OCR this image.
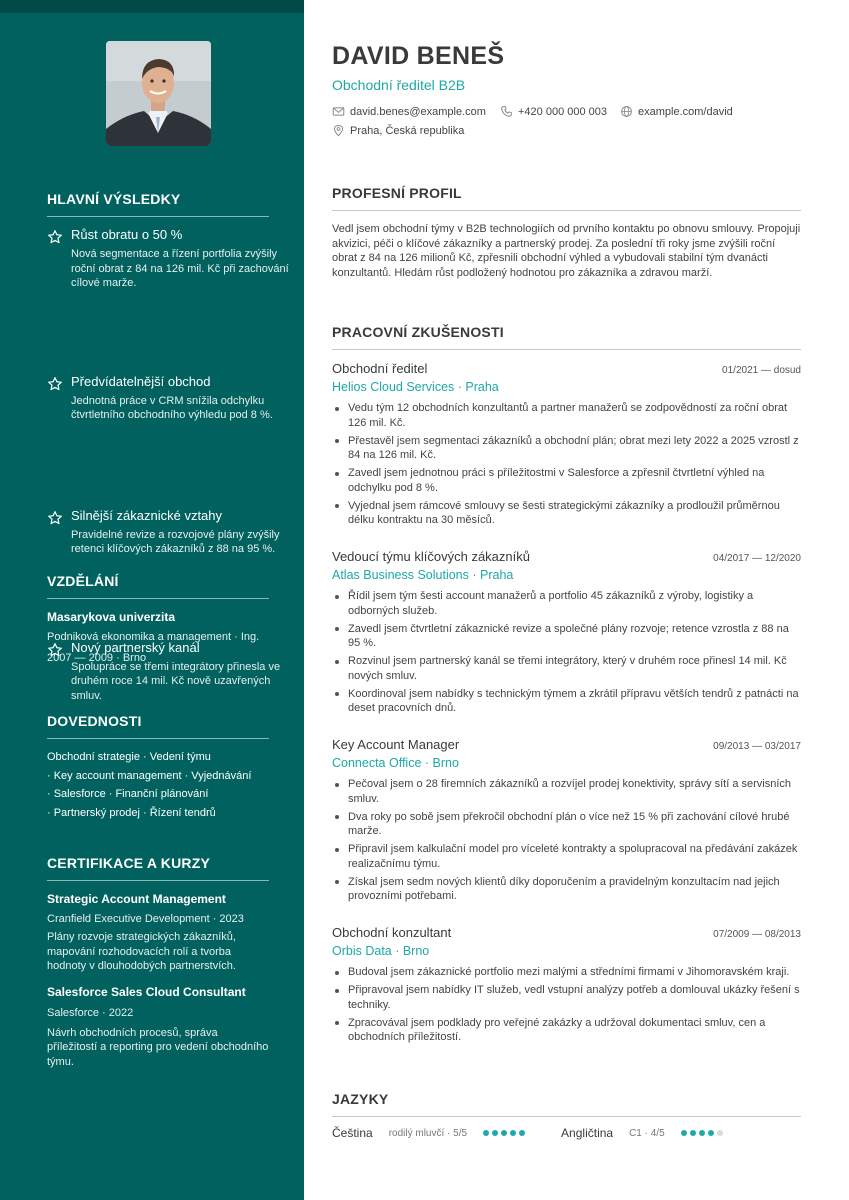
HLAVNÍ VÝSLEDKY

Růst obratu o 50 %

Nová segmentace a řízení portfolia zvýšily roční obrat z 84 na 126 mil. Kč při zachování cílové marže.

Předvídatelnější obchod

Jednotná práce v CRM snížila odchylku čtvrtletního obchodního výhledu pod 8 %.

Silnější zákaznické vztahy

Pravidelné revize a rozvojové plány zvýšily retenci klíčových zákazníků z 88 na 95 %.

Nový partnerský kanál

Spolupráce se třemi integrátory přinesla ve druhém roce 14 mil. Kč nově uzavřených smluv.

VZDĚLÁNÍ

Masarykova univerzita

Podniková ekonomika a management · Ing.

2007 — 2009 · Brno

DOVEDNOSTI

Obchodní strategie · Vedení týmu

· Key account management · Vyjednávání

· Salesforce · Finanční plánování

· Partnerský prodej · Řízení tendrů

CERTIFIKACE A KURZY

Strategic Account Management

Cranfield Executive Development · 2023

Plány rozvoje strategických zákazníků, mapování rozhodovacích rolí a tvorba hodnoty v dlouhodobých partnerstvích.

Salesforce Sales Cloud Consultant

Salesforce · 2022

Návrh obchodních procesů, správa příležitostí a reporting pro vedení obchodního týmu.

DAVID BENEŠ

Obchodní ředitel B2B

david.benes@example.com	+420 000 000 003	example.com/david
Praha, Česká republika
PROFESNÍ PROFIL

Vedl jsem obchodní týmy v B2B technologiích od prvního kontaktu po obnovu smlouvy. Propojuji akvizici, péči o klíčové zákazníky a partnerský prodej. Za poslední tři roky jsme zvýšili roční obrat z 84 na 126 milionů Kč, zpřesnili obchodní výhled a vybudovali stabilní tým dvanácti konzultantů. Hledám růst podložený hodnotou pro zákazníka a zdravou marží.

PRACOVNÍ ZKUŠENOSTI

Obchodní ředitel	01/2021 — dosud

Helios Cloud Services · Praha

Vedu tým 12 obchodních konzultantů a partner manažerů se zodpovědností za roční obrat 126 mil. Kč.
Přestavěl jsem segmentaci zákazníků a obchodní plán; obrat mezi lety 2022 a 2025 vzrostl z 84 na 126 mil. Kč.
Zavedl jsem jednotnou práci s příležitostmi v Salesforce a zpřesnil čtvrtletní výhled na odchylku pod 8 %.
Vyjednal jsem rámcové smlouvy se šesti strategickými zákazníky a prodloužil průměrnou délku kontraktu na 30 měsíců.

Vedoucí týmu klíčových zákazníků	04/2017 — 12/2020

Atlas Business Solutions · Praha

Řídil jsem tým šesti account manažerů a portfolio 45 zákazníků z výroby, logistiky a odborných služeb.
Zavedl jsem čtvrtletní zákaznické revize a společné plány rozvoje; retence vzrostla z 88 na 95 %.
Rozvinul jsem partnerský kanál se třemi integrátory, který v druhém roce přinesl 14 mil. Kč nových smluv.
Koordinoval jsem nabídky s technickým týmem a zkrátil přípravu větších tendrů z patnácti na deset pracovních dnů.

Key Account Manager	09/2013 — 03/2017

Connecta Office · Brno

Pečoval jsem o 28 firemních zákazníků a rozvíjel prodej konektivity, správy sítí a servisních smluv.
Dva roky po sobě jsem překročil obchodní plán o více než 15 % při zachování cílové hrubé marže.
Připravil jsem kalkulační model pro víceleté kontrakty a spolupracoval na předávání zakázek realizačnímu týmu.
Získal jsem sedm nových klientů díky doporučením a pravidelným konzultacím nad jejich provozními potřebami.

Obchodní konzultant	07/2009 — 08/2013

Orbis Data · Brno

Budoval jsem zákaznické portfolio mezi malými a středními firmami v Jihomoravském kraji.
Připravoval jsem nabídky IT služeb, vedl vstupní analýzy potřeb a domlouval ukázky řešení s techniky.
Zpracovával jsem podklady pro veřejné zakázky a udržoval dokumentaci smluv, cen a obchodních příležitostí.
JAZYKY
Čeština rodilý mluvčí · 5/5	Angličtina C1 · 4/5
